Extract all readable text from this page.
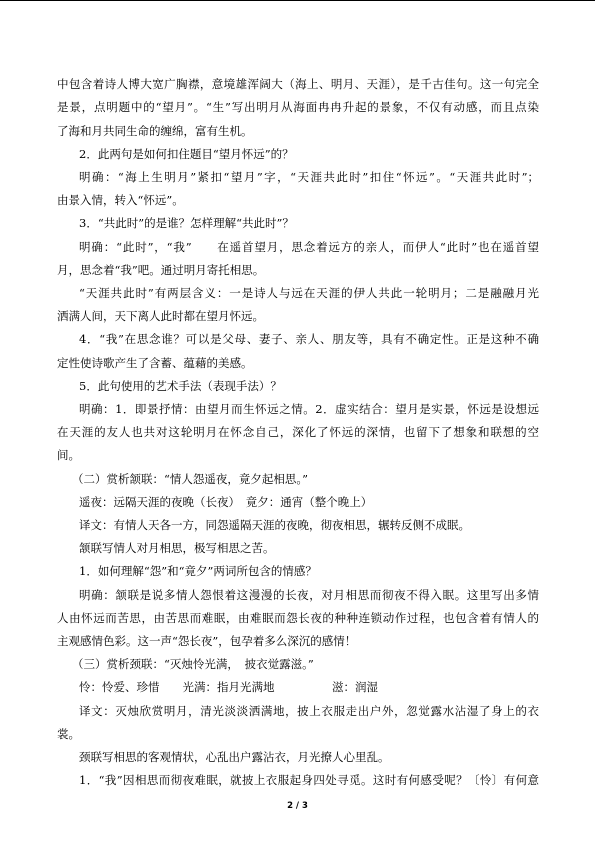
中包含着诗人博大宽广胸襟，意境雄浑阔大（海上、明月、天涯），是千古佳句。这一句完全
是景，点明题中的“望月”。“生”写出明月从海面冉冉升起的景象，不仅有动感，而且点染
了海和月共同生命的缠绵，富有生机。
2．此两句是如何扣住题目“望月怀远”的？
明确：“海上生明月”紧扣“望月”字，“天涯共此时”扣住“怀远”。“天涯共此时”；
由景入情，转入“怀远”。
3．“共此时”的是谁？怎样理解“共此时”？
明确：“此时”，“我”　　在遥首望月，思念着远方的亲人，而伊人“此时”也在遥首望
月，思念着“我”吧。通过明月寄托相思。
“天涯共此时”有两层含义：一是诗人与远在天涯的伊人共此一轮明月；二是融融月光
洒满人间，天下离人此时都在望月怀远。
4．“我”在思念谁？可以是父母、妻子、亲人、朋友等，具有不确定性。正是这种不确
定性使诗歌产生了含蓄、蕴藉的美感。
5．此句使用的艺术手法（表现手法）？
明确：1．即景抒情：由望月而生怀远之情。2．虚实结合：望月是实景，怀远是设想远
在天涯的友人也共对这轮明月在怀念自己，深化了怀远的深情，也留下了想象和联想的空
间。
（二）赏析颔联：“情人怨遥夜，竟夕起相思。”
遥夜：远隔天涯的夜晚（长夜）　竟夕：通宵（整个晚上）
译文：有情人天各一方，同怨遥隔天涯的夜晚，彻夜相思，辗转反侧不成眠。
颔联写情人对月相思，极写相思之苦。
1．如何理解“怨”和“竟夕”两词所包含的情感？
明确：颔联是说多情人怨恨着这漫漫的长夜，对月相思而彻夜不得入眠。这里写出多情
人由怀远而苦思，由苦思而难眠，由难眠而怨长夜的种种连锁动作过程，也包含着有情人的
主观感情色彩。这一声“怨长夜”，包孕着多么深沉的感情！
（三）赏析颈联：“灭烛怜光满，　披衣觉露滋。”
怜：怜爱、珍惜　　光满：指月光满地　　　　　滋：润湿
译文：灭烛欣赏明月，清光淡淡洒满地，披上衣服走出户外，忽觉露水沾湿了身上的衣
裳。
颈联写相思的客观情状，心乱出户露沾衣，月光撩人心里乱。
1．“我”因相思而彻夜难眠，就披上衣服起身四处寻觅。这时有何感受呢？〔怜〕有何意
2 / 3
